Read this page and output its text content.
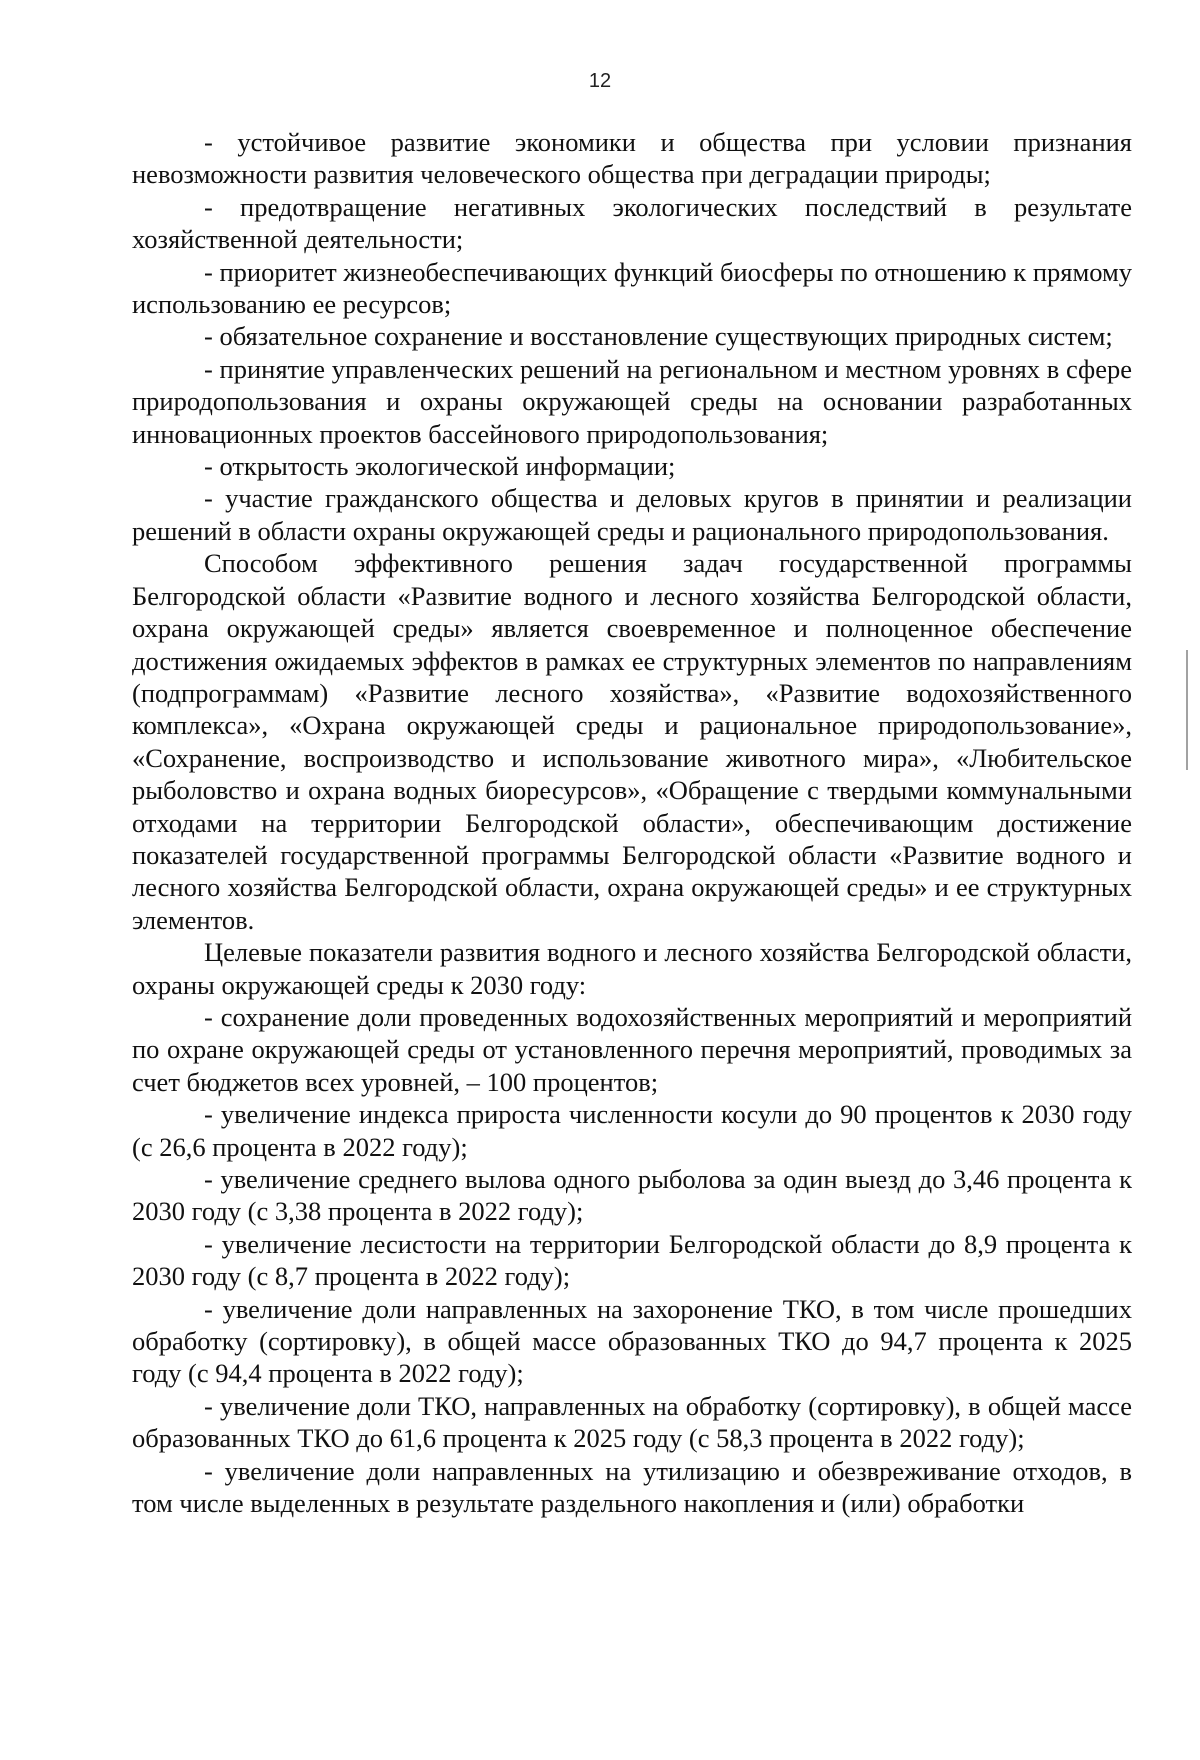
12

- устойчивое развитие экономики и общества при условии признания невозможности развития человеческого общества при деградации природы;

- предотвращение негативных экологических последствий в результате хозяйственной деятельности;

- приоритет жизнеобеспечивающих функций биосферы по отношению к прямому использованию ее ресурсов;

- обязательное сохранение и восстановление существующих природных систем;

- принятие управленческих решений на региональном и местном уровнях в сфере природопользования и охраны окружающей среды на основании разработанных инновационных проектов бассейнового природопользования;

- открытость экологической информации;

- участие гражданского общества и деловых кругов в принятии и реализации решений в области охраны окружающей среды и рационального природопользования.

Способом эффективного решения задач государственной программы Белгородской области «Развитие водного и лесного хозяйства Белгородской области, охрана окружающей среды» является своевременное и полноценное обеспечение достижения ожидаемых эффектов в рамках ее структурных элементов по направлениям (подпрограммам) «Развитие лесного хозяйства», «Развитие водохозяйственного комплекса», «Охрана окружающей среды и рациональное природопользование», «Сохранение, воспроизводство и использование животного мира», «Любительское рыболовство и охрана водных биоресурсов», «Обращение с твердыми коммунальными отходами на территории Белгородской области», обеспечивающим достижение показателей государственной программы Белгородской области «Развитие водного и лесного хозяйства Белгородской области, охрана окружающей среды» и ее структурных элементов.

Целевые показатели развития водного и лесного хозяйства Белгородской области, охраны окружающей среды к 2030 году:

- сохранение доли проведенных водохозяйственных мероприятий и мероприятий по охране окружающей среды от установленного перечня мероприятий, проводимых за счет бюджетов всех уровней, – 100 процентов;

- увеличение индекса прироста численности косули до 90 процентов к 2030 году (с 26,6 процента в 2022 году);

- увеличение среднего вылова одного рыболова за один выезд до 3,46 процента к 2030 году (с 3,38 процента в 2022 году);

- увеличение лесистости на территории Белгородской области до 8,9 процента к 2030 году (с 8,7 процента в 2022 году);

- увеличение доли направленных на захоронение ТКО, в том числе прошедших обработку (сортировку), в общей массе образованных ТКО до 94,7 процента к 2025 году (с 94,4 процента в 2022 году);

- увеличение доли ТКО, направленных на обработку (сортировку), в общей массе образованных ТКО до 61,6 процента к 2025 году (с 58,3 процента в 2022 году);

- увеличение доли направленных на утилизацию и обезвреживание отходов, в том числе выделенных в результате раздельного накопления и (или) обработки
